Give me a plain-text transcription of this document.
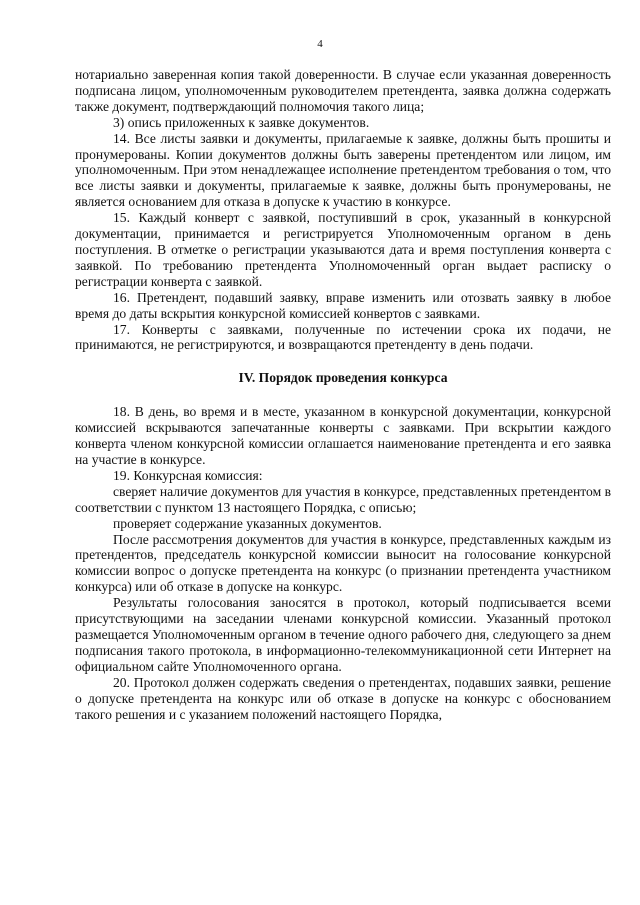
4

нотариально заверенная копия такой доверенности. В случае если указанная доверенность подписана лицом, уполномоченным руководителем претендента, заявка должна содержать также документ, подтверждающий полномочия такого лица;

3) опись приложенных к заявке документов.

14. Все листы заявки и документы, прилагаемые к заявке, должны быть прошиты и пронумерованы. Копии документов должны быть заверены претендентом или лицом, им уполномоченным. При этом ненадлежащее исполнение претендентом требования о том, что все листы заявки и документы, прилагаемые к заявке, должны быть пронумерованы, не является основанием для отказа в допуске к участию в конкурсе.

15. Каждый конверт с заявкой, поступивший в срок, указанный в конкурсной документации, принимается и регистрируется Уполномоченным органом в день поступления. В отметке о регистрации указываются дата и время поступления конверта с заявкой. По требованию претендента Уполномоченный орган выдает расписку о регистрации конверта с заявкой.

16. Претендент, подавший заявку, вправе изменить или отозвать заявку в любое время до даты вскрытия конкурсной комиссией конвертов с заявками.

17. Конверты с заявками, полученные по истечении срока их подачи, не принимаются, не регистрируются, и возвращаются претенденту в день подачи.

IV. Порядок проведения конкурса

18. В день, во время и в месте, указанном в конкурсной документации, конкурсной комиссией вскрываются запечатанные конверты с заявками. При вскрытии каждого конверта членом конкурсной комиссии оглашается наименование претендента и его заявка на участие в конкурсе.

19. Конкурсная комиссия:

сверяет наличие документов для участия в конкурсе, представленных претендентом в соответствии с пунктом 13 настоящего Порядка, с описью;

проверяет содержание указанных документов.

После рассмотрения документов для участия в конкурсе, представленных каждым из претендентов, председатель конкурсной комиссии выносит на голосование конкурсной комиссии вопрос о допуске претендента на конкурс (о признании претендента участником конкурса) или об отказе в допуске на конкурс.

Результаты голосования заносятся в протокол, который подписывается всеми присутствующими на заседании членами конкурсной комиссии. Указанный протокол размещается Уполномоченным органом в течение одного рабочего дня, следующего за днем подписания такого протокола, в информационно-телекоммуникационной сети Интернет на официальном сайте Уполномоченного органа.

20. Протокол должен содержать сведения о претендентах, подавших заявки, решение о допуске претендента на конкурс или об отказе в допуске на конкурс с обоснованием такого решения и с указанием положений настоящего Порядка,
